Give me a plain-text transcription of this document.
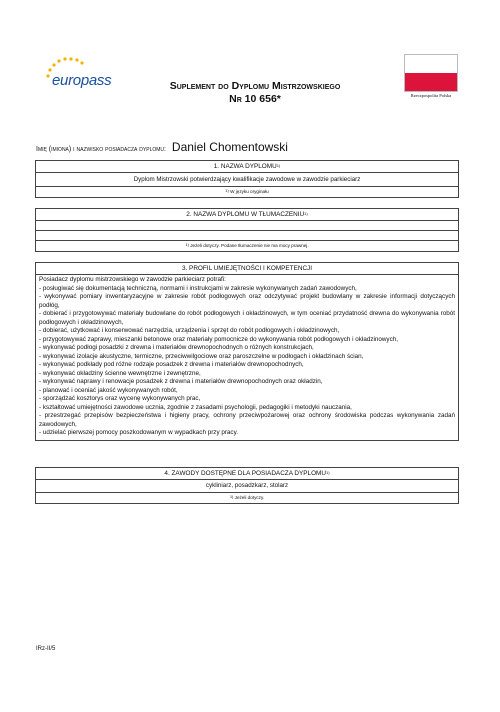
europass
Rzeczpospolita Polska
Suplement do Dyplomu Mistrzowskiego
Nr 10 656*
Imię (imiona) i nazwisko posiadacza dyplomu: Daniel Chomentowski
1. NAZWA DYPLOMU$^{1)}$
Dyplom Mistrzowski potwierdzający kwalifikacje zawodowe w zawodzie parkieciarz
$^{1)}$ W języku oryginału
2. NAZWA DYPLOMU W TŁUMACZENIU$^{1)}$
$^{1)}$ Jeżeli dotyczy. Podane tłumaczenie nie ma mocy prawnej.
3. PROFIL UMIEJĘTNOŚCI I KOMPETENCJI

Posiadacz dyplomu mistrzowskiego w zawodzie parkieciarz potrafi:

- posługiwać się dokumentacją techniczną, normami i instrukcjami w zakresie wykonywanych zadań zawodowych,

- wykonywać pomiary inwentaryzacyjne w zakresie robót podłogowych oraz odczytywać projekt budowlany w zakresie informacji dotyczących podłóg,

- dobierać i przygotowywać materiały budowlane do robót podłogowych i okładzinowych, w tym oceniać przydatność drewna do wykonywania robót podłogowych i okładzinowych,

- dobierać, użytkować i konserwować narzędzia, urządzenia i sprzęt do robót podłogowych i okładzinowych,

- przygotowywać zaprawy, mieszanki betonowe oraz materiały pomocnicze do wykonywania robót podłogowych i okładzinowych,

- wykonywać podłogi posadzki z drewna i materiałów drewnopochodnych o różnych konstrukcjach,

- wykonywać izolacje akustyczne, termiczne, przeciwwilgociowe oraz paroszczelne w podłogach i okładzinach ścian,

- wykonywać podkłady pod różne rodzaje posadzek z drewna i materiałów drewnopochodnych,

- wykonywać okładziny ścienne wewnętrzne i zewnętrzne,

- wykonywać naprawy i renowacje posadzek z drewna i materiałów drewnopochodnych oraz okładzin,

- planować i oceniać jakość wykonywanych robót,

- sporządzać kosztorys oraz wycenę wykonywanych prac,

- kształtować umiejętności zawodowe ucznia, zgodnie z zasadami psychologii, pedagogiki i metodyki nauczania,

- przestrzegać przepisów bezpieczeństwa i higieny pracy, ochrony przeciwpożarowej oraz ochrony środowiska podczas wykonywania zadań zawodowych,

- udzielać pierwszej pomocy poszkodowanym w wypadkach przy pracy.

4. ZAWODY DOSTĘPNE DLA POSIADACZA DYPLOMU$^{1)}$
cykliniarz, posadzkarz, stolarz
$^{1)}$ Jeżeli dotyczy.
IRz-II/5
